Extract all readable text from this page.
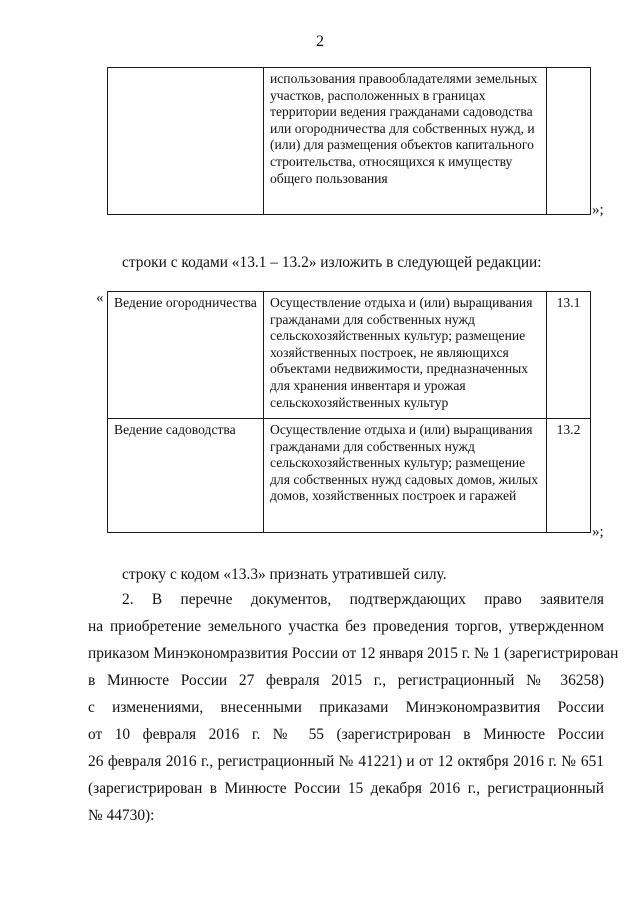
2
	использования правообладателями земельных участков, расположенных в границах территории ведения гражданами садоводства или огородничества для собственных нужд, и (или) для размещения объектов капитального строительства, относящихся к имуществу общего пользования	
»;
строки с кодами «13.1 – 13.2» изложить в следующей редакции:
« Ведение огородничества	Осуществление отдыха и (или) выращивания гражданами для собственных нужд сельскохозяйственных культур; размещение хозяйственных построек, не являющихся объектами недвижимости, предназначенных для хранения инвентаря и урожая сельскохозяйственных культур	13.1
Ведение садоводства	Осуществление отдыха и (или) выращивания гражданами для собственных нужд сельскохозяйственных культур; размещение для собственных нужд садовых домов, жилых домов, хозяйственных построек и гаражей	13.2
»;
строку с кодом «13.3» признать утратившей силу.
2. В перечне документов, подтверждающих право заявителя
на приобретение земельного участка без проведения торгов, утвержденном
приказом Минэкономразвития России от 12 января 2015 г. № 1 (зарегистрирован
в Минюсте России 27 февраля 2015 г., регистрационный № 36258)
с изменениями, внесенными приказами Минэкономразвития России
от 10 февраля 2016 г. № 55 (зарегистрирован в Минюсте России
26 февраля 2016 г., регистрационный № 41221) и от 12 октября 2016 г. № 651
(зарегистрирован в Минюсте России 15 декабря 2016 г., регистрационный
№ 44730):
